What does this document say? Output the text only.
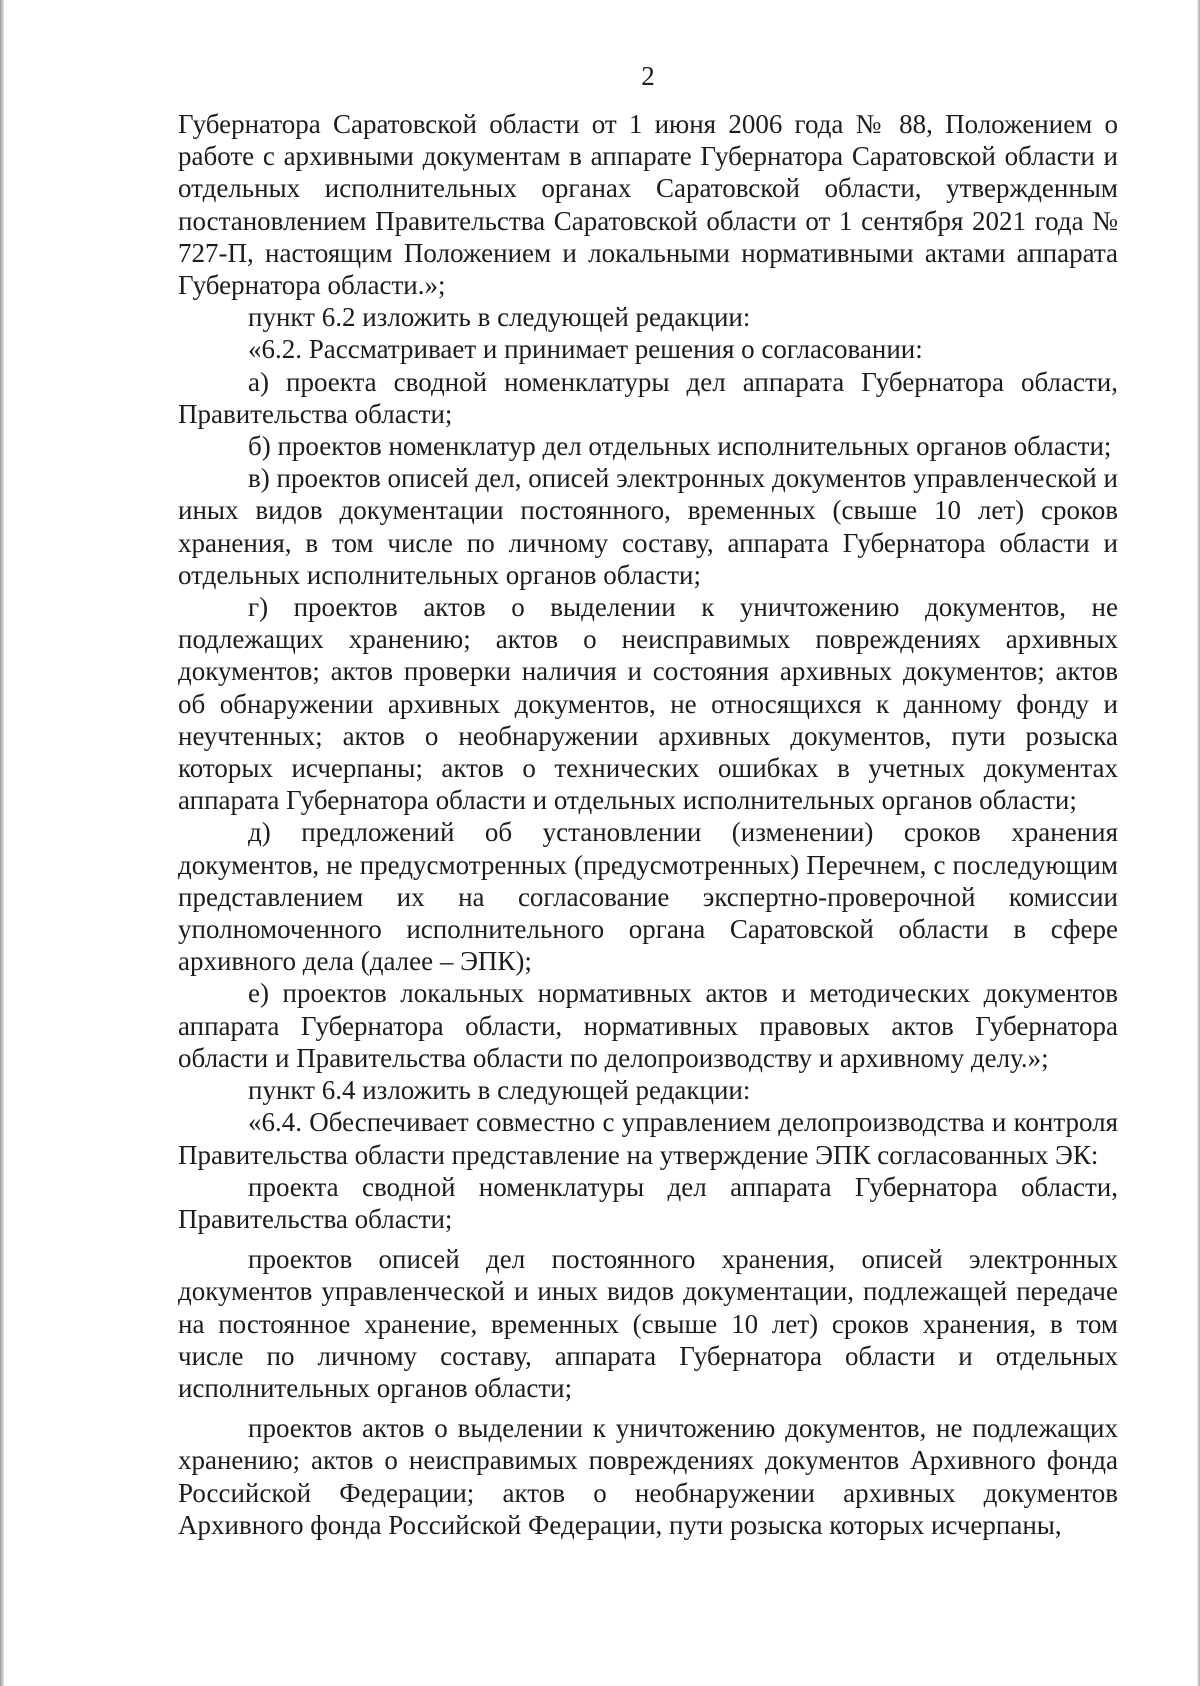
2

Губернатора Саратовской области от 1 июня 2006 года № 88, Положением о работе с архивными документам в аппарате Губернатора Саратовской области и отдельных исполнительных органах Саратовской области, утвержденным постановлением Правительства Саратовской области от 1 сентября 2021 года № 727-П, настоящим Положением и локальными нормативными актами аппарата Губернатора области.»;

пункт 6.2 изложить в следующей редакции:

«6.2. Рассматривает и принимает решения о согласовании:

а) проекта сводной номенклатуры дел аппарата Губернатора области, Правительства области;

б) проектов номенклатур дел отдельных исполнительных органов области;

в) проектов описей дел, описей электронных документов управленческой и иных видов документации постоянного, временных (свыше 10 лет) сроков хранения, в том числе по личному составу, аппарата Губернатора области и отдельных исполнительных органов области;

г) проектов актов о выделении к уничтожению документов, не подлежащих хранению; актов о неисправимых повреждениях архивных документов; актов проверки наличия и состояния архивных документов; актов об обнаружении архивных документов, не относящихся к данному фонду и неучтенных; актов о необнаружении архивных документов, пути розыска которых исчерпаны; актов о технических ошибках в учетных документах аппарата Губернатора области и отдельных исполнительных органов области;

д) предложений об установлении (изменении) сроков хранения документов, не предусмотренных (предусмотренных) Перечнем, с последующим представлением их на согласование экспертно-проверочной комиссии уполномоченного исполнительного органа Саратовской области в сфере архивного дела (далее – ЭПК);

е) проектов локальных нормативных актов и методических документов аппарата Губернатора области, нормативных правовых актов Губернатора области и Правительства области по делопроизводству и архивному делу.»;

пункт 6.4 изложить в следующей редакции:

«6.4. Обеспечивает совместно с управлением делопроизводства и контроля Правительства области представление на утверждение ЭПК согласованных ЭК:

проекта сводной номенклатуры дел аппарата Губернатора области, Правительства области;

проектов описей дел постоянного хранения, описей электронных документов управленческой и иных видов документации, подлежащей передаче на постоянное хранение, временных (свыше 10 лет) сроков хранения, в том числе по личному составу, аппарата Губернатора области и отдельных исполнительных органов области;

проектов актов о выделении к уничтожению документов, не подлежащих хранению; актов о неисправимых повреждениях документов Архивного фонда Российской Федерации; актов о необнаружении архивных документов Архивного фонда Российской Федерации, пути розыска которых исчерпаны,
